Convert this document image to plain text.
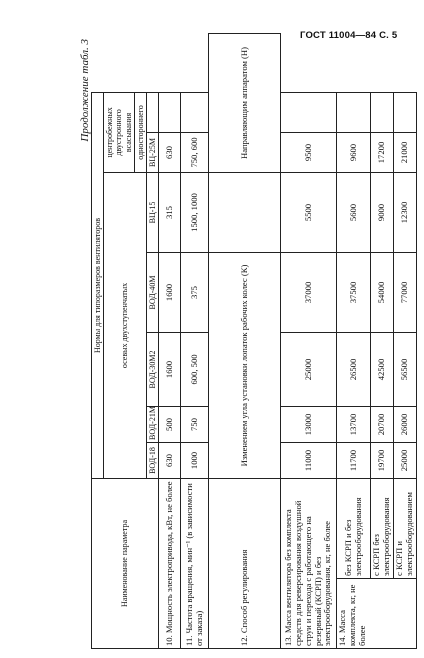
ГОСТ 11004—84 С. 5
Продолжение табл. 3
Наименование параметра		Нормы для типоразмеров вентиляторов						
		осевых двухступенчатых					центробежных двустронного всасывания	
							одностороннего	
		ВОД-18	ВОД-21М	ВОД-30М2	ВОД-40М	ВЦ-15	ВЦ-25М	
10. Мощность электропривода, кВт, не более		630	500	1600	1600	315	630	
11. Частота вращения, мин⁻¹ (в зависимости от заказа)		1000	750	600, 500	375	1500, 1000	750, 600	
12. Способ регулирования		Изменением угла установки лопаток рабочих колес (К)					Направляющим аппаратом (Н)	
13. Масса вентилятора без комплекта средств для реверсирования воздушной струи и перехода с работающего на резервный (КСРП) и без электрооборудования, кг, не более		11000	13000	25000	37000	5500	9500	
14. Масса комплекта, кг, не более	без КСРП и без электрооборудования	11700	13700	26500	37500	5600	9600	
	с КСРП без электрооборудования	19700	20700	42500	54000	9000	17200	
	с КСРП и электрооборудованием	25000	26000	56500	77000	12300	21000	
